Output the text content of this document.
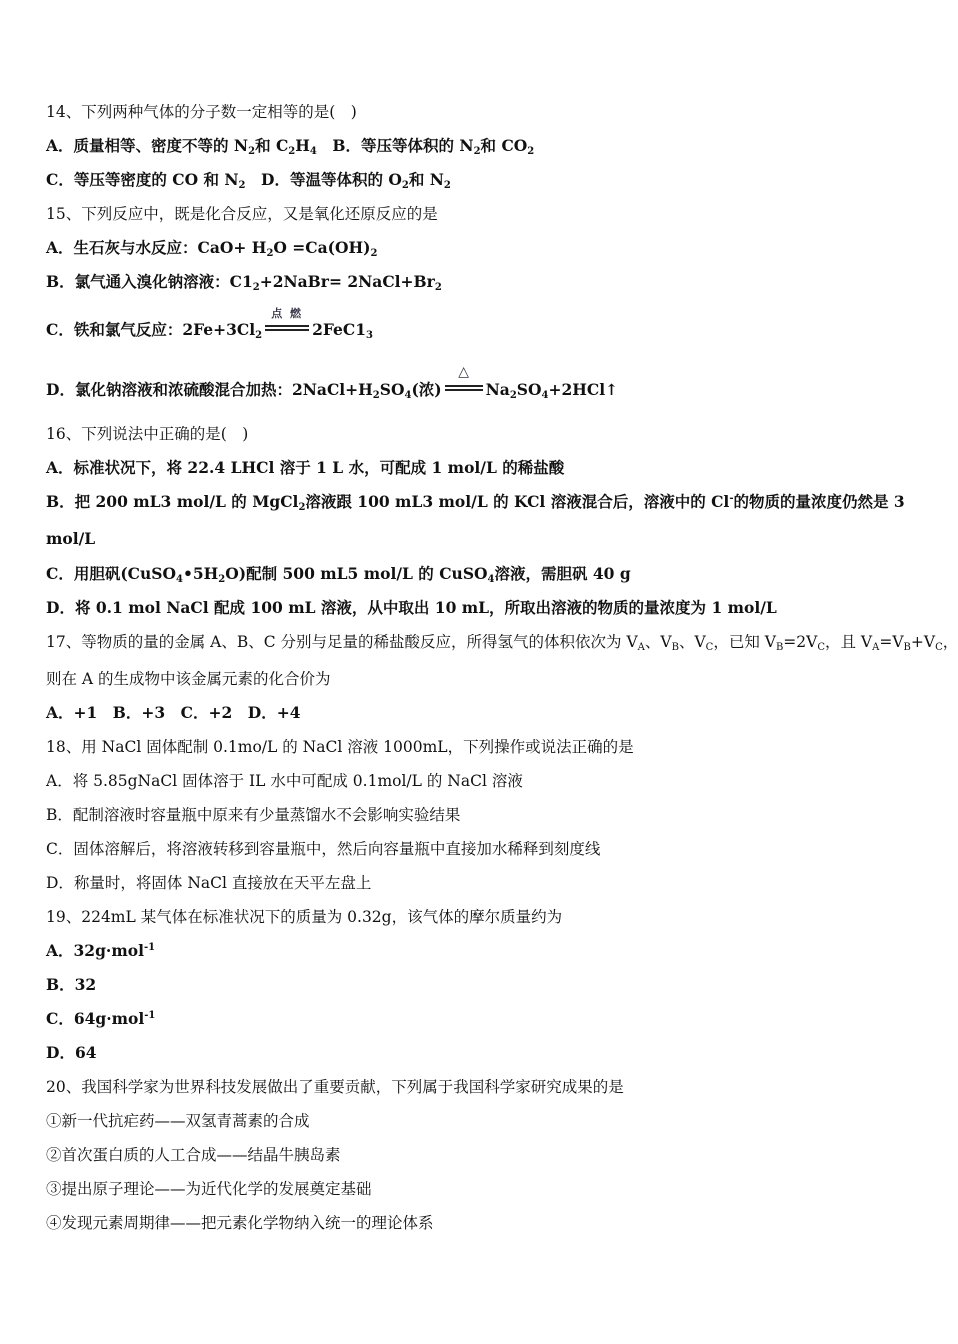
14、下列两种气体的分子数一定相等的是(　)
A．质量相等、密度不等的 $N_2$和 $C_2H_4$　 B．等压等体积的 $N_2$和 $CO_2$
C．等压等密度的 CO 和 $N_2$　 D．等温等体积的 $O_2$和 $N_2$
15、下列反应中，既是化合反应，又是氧化还原反应的是
A．生石灰与水反应：$CaO+ H_2O =Ca(OH)_2$
B．氯气通入溴化钠溶液：$C1_2+2NaBr=$ $2NaCl+Br_2$
C．铁和氯气反应：$2Fe+3Cl_2$
点 燃
$2FeC1_3$
D．氯化钠溶液和浓硫酸混合加热：$2NaCl+H_2SO_4$(浓)
△
$Na_2SO_4+2HCl↑$
16、下列说法中正确的是(　)
A．标准状况下，将 22.4 LHCl 溶于 1 L 水，可配成 1 mol/L 的稀盐酸
B．把 200 mL3 mol/L 的 MgCl$_2$溶液跟 100 mL3 mol/L 的 KCl 溶液混合后，溶液中的 Cl-的物质的量浓度仍然是 3
mol/L
C．用胆矾$(CuSO_4•5H_2O)$配制 500 mL5 mol/L 的 CuSO$_4$溶液，需胆矾 40 g
D．将 0.1 mol NaCl 配成 100 mL 溶液，从中取出 10 mL，所取出溶液的物质的量浓度为 1 mol/L
17、等物质的量的金属 A、B、C 分别与足量的稀盐酸反应，所得氢气的体积依次为 $V_A$、$V_B$、$V_C$，已知 $V_B=2V_C$，且 $V_A=V_B+V_C$，
则在 A 的生成物中该金属元素的化合价为
A．+1　B．+3　C．+2　D．+4
18、用 NaCl 固体配制 0.1mo/L 的 NaCl 溶液 1000mL，下列操作或说法正确的是
A．将 5.85gNaCl 固体溶于 IL 水中可配成 0.1mol/L 的 NaCl 溶液
B．配制溶液时容量瓶中原来有少量蒸馏水不会影响实验结果
C．固体溶解后，将溶液转移到容量瓶中，然后向容量瓶中直接加水稀释到刻度线
D．称量时，将固体 NaCl 直接放在天平左盘上
19、224mL 某气体在标准状况下的质量为 0.32g，该气体的摩尔质量约为
A．32g·mol$^{-1}$
B．32
C．64g·mol$^{-1}$
D．64
20、我国科学家为世界科技发展做出了重要贡献，下列属于我国科学家研究成果的是
①新一代抗疟药——双氢青蒿素的合成
②首次蛋白质的人工合成——结晶牛胰岛素
③提出原子理论——为近代化学的发展奠定基础
④发现元素周期律——把元素化学物纳入统一的理论体系
